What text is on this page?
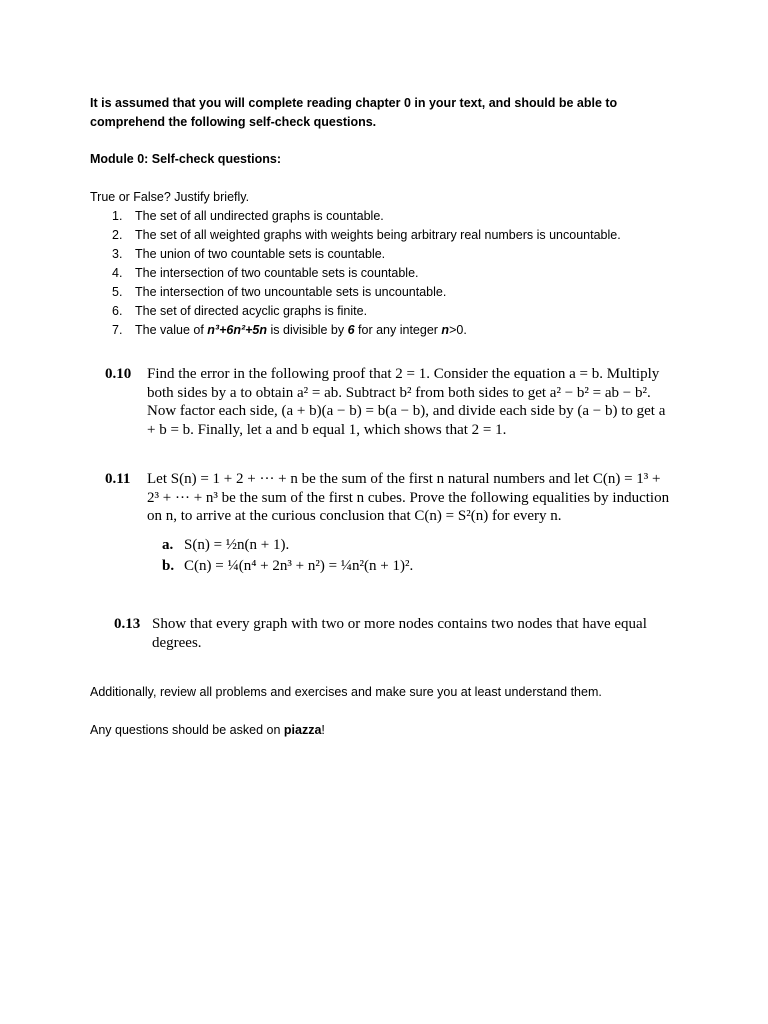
It is assumed that you will complete reading chapter 0 in your text, and should be able to comprehend the following self-check questions.
Module 0: Self-check questions:
True or False? Justify briefly.
1.	The set of all undirected graphs is countable.
2.	The set of all weighted graphs with weights being arbitrary real numbers is uncountable.
3.	The union of two countable sets is countable.
4.	The intersection of two countable sets is countable.
5.	The intersection of two uncountable sets is uncountable.
6.	The set of directed acyclic graphs is finite.
7.	The value of n³+6n²+5n is divisible by 6 for any integer n>0.
0.10	Find the error in the following proof that 2 = 1. Consider the equation a = b. Multiply both sides by a to obtain a² = ab. Subtract b² from both sides to get a² − b² = ab − b². Now factor each side, (a + b)(a − b) = b(a − b), and divide each side by (a − b) to get a + b = b. Finally, let a and b equal 1, which shows that 2 = 1.
0.11	Let S(n) = 1 + 2 + ··· + n be the sum of the first n natural numbers and let C(n) = 1³ + 2³ + ··· + n³ be the sum of the first n cubes. Prove the following equalities by induction on n, to arrive at the curious conclusion that C(n) = S²(n) for every n.
a. S(n) = ½n(n + 1).
b. C(n) = ¼(n⁴ + 2n³ + n²) = ¼n²(n + 1)².
0.13 Show that every graph with two or more nodes contains two nodes that have equal degrees.
Additionally, review all problems and exercises and make sure you at least understand them.
Any questions should be asked on piazza!
